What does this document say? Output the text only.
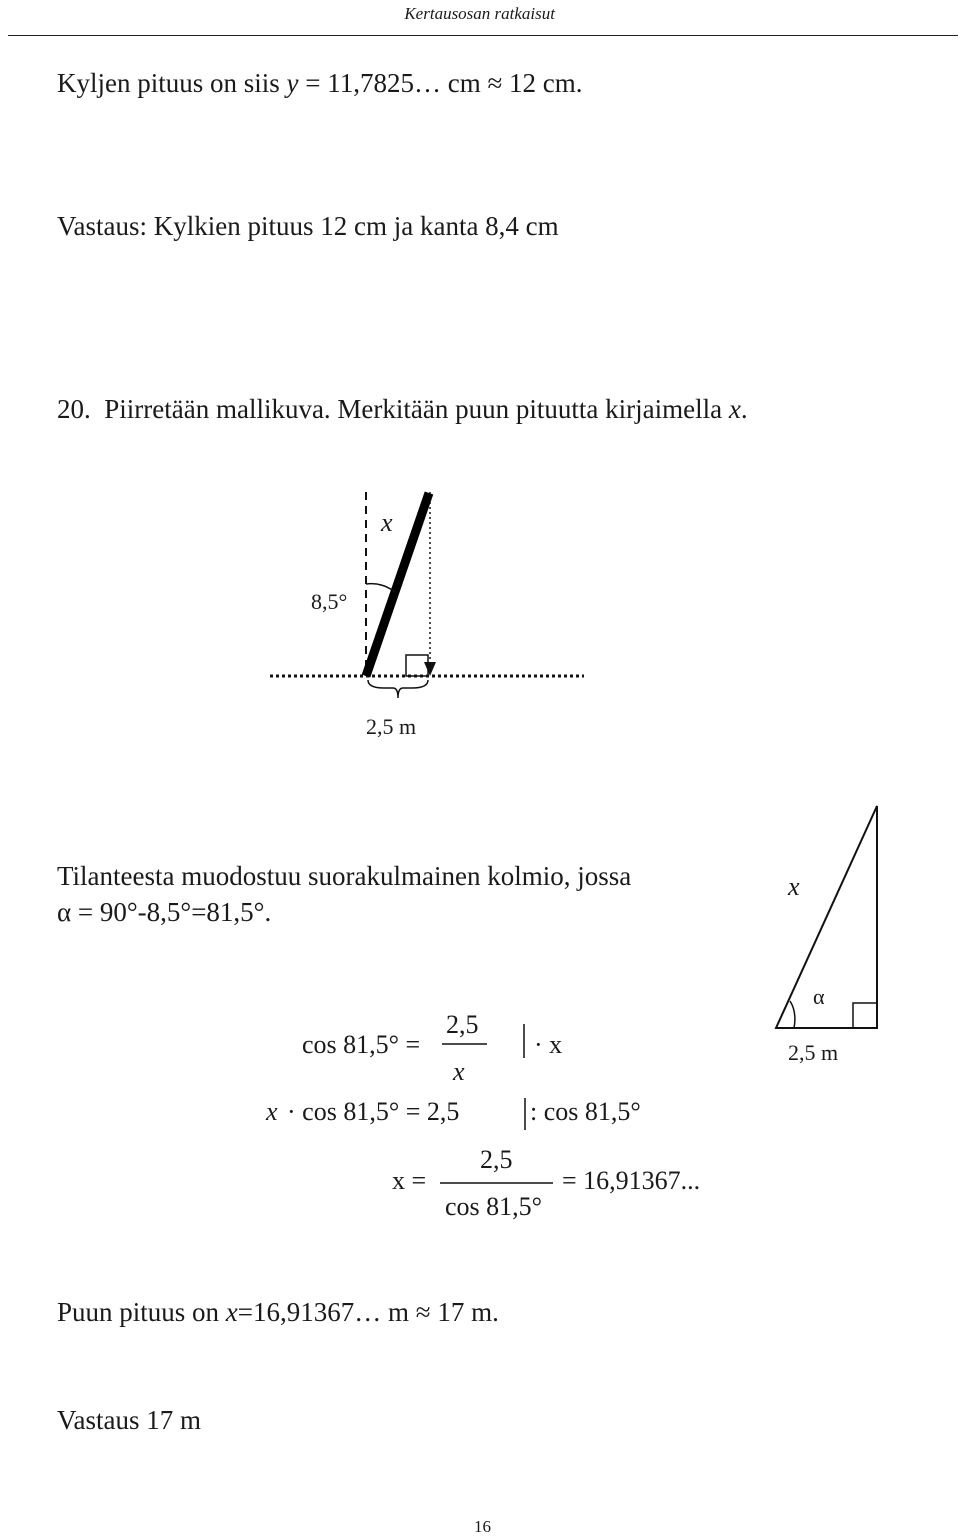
Kertausosan ratkaisut
Kyljen pituus on siis y = 11,7825… cm ≈ 12 cm.
Vastaus: Kylkien pituus 12 cm ja kanta 8,4 cm
20. Piirretään mallikuva. Merkitään puun pituutta kirjaimella x.
x
8,5°
2,5 m
Tilanteesta muodostuu suorakulmainen kolmio, jossa
α = 90°-8,5°=81,5°.
x
α
2,5 m
cos 81,5° =
2,5
x
· x
x · cos 81,5° = 2,5	: cos 81,5°
x =
2,5
cos 81,5°
= 16,91367...
Puun pituus on x=16,91367… m ≈ 17 m.
Vastaus 17 m
16
